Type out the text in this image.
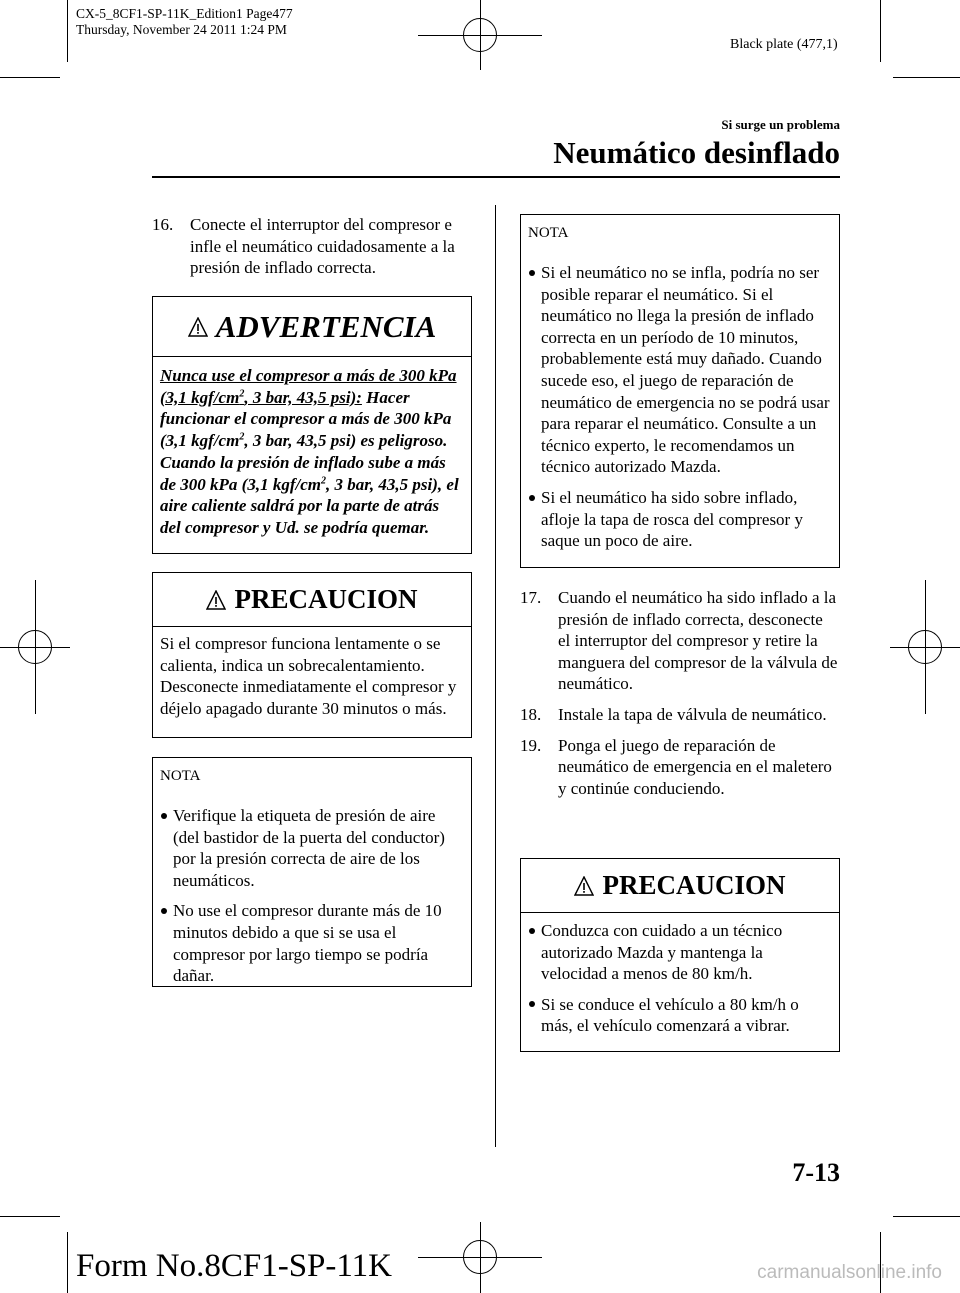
CX-5_8CF1-SP-11K_Edition1 Page477
Thursday, November 24 2011 1:24 PM
Black plate (477,1)
Si surge un problema
Neumático desinflado
16. Conecte el interruptor del compresor e infle el neumático cuidadosamente a la presión de inflado correcta.
ADVERTENCIA
Nunca use el compresor a más de 300 kPa (3,1 kgf/$cm^2$, 3 bar, 43,5 psi): Hacer funcionar el compresor a más de 300 kPa (3,1 kgf/$cm^2$, 3 bar, 43,5 psi) es peligroso. Cuando la presión de inflado sube a más de 300 kPa (3,1 kgf/$cm^2$, 3 bar, 43,5 psi), el aire caliente saldrá por la parte de atrás del compresor y Ud. se podría quemar.
PRECAUCION
Si el compresor funciona lentamente o se calienta, indica un sobrecalentamiento. Desconecte inmediatamente el compresor y déjelo apagado durante 30 minutos o más.
NOTA
Verifique la etiqueta de presión de aire (del bastidor de la puerta del conductor) por la presión correcta de aire de los neumáticos.
No use el compresor durante más de 10 minutos debido a que si se usa el compresor por largo tiempo se podría dañar.
NOTA
Si el neumático no se infla, podría no ser posible reparar el neumático. Si el neumático no llega la presión de inflado correcta en un período de 10 minutos, probablemente está muy dañado. Cuando sucede eso, el juego de reparación de neumático de emergencia no se podrá usar para reparar el neumático. Consulte a un técnico experto, le recomendamos un técnico autorizado Mazda.
Si el neumático ha sido sobre inflado, afloje la tapa de rosca del compresor y saque un poco de aire.
17. Cuando el neumático ha sido inflado a la presión de inflado correcta, desconecte el interruptor del compresor y retire la manguera del compresor de la válvula de neumático.
18. Instale la tapa de válvula de neumático.
19. Ponga el juego de reparación de neumático de emergencia en el maletero y continúe conduciendo.
PRECAUCION
Conduzca con cuidado a un técnico autorizado Mazda y mantenga la velocidad a menos de 80 km/h.
Si se conduce el vehículo a 80 km/h o más, el vehículo comenzará a vibrar.
7-13
Form No.8CF1-SP-11K	carmanualsonline.info
